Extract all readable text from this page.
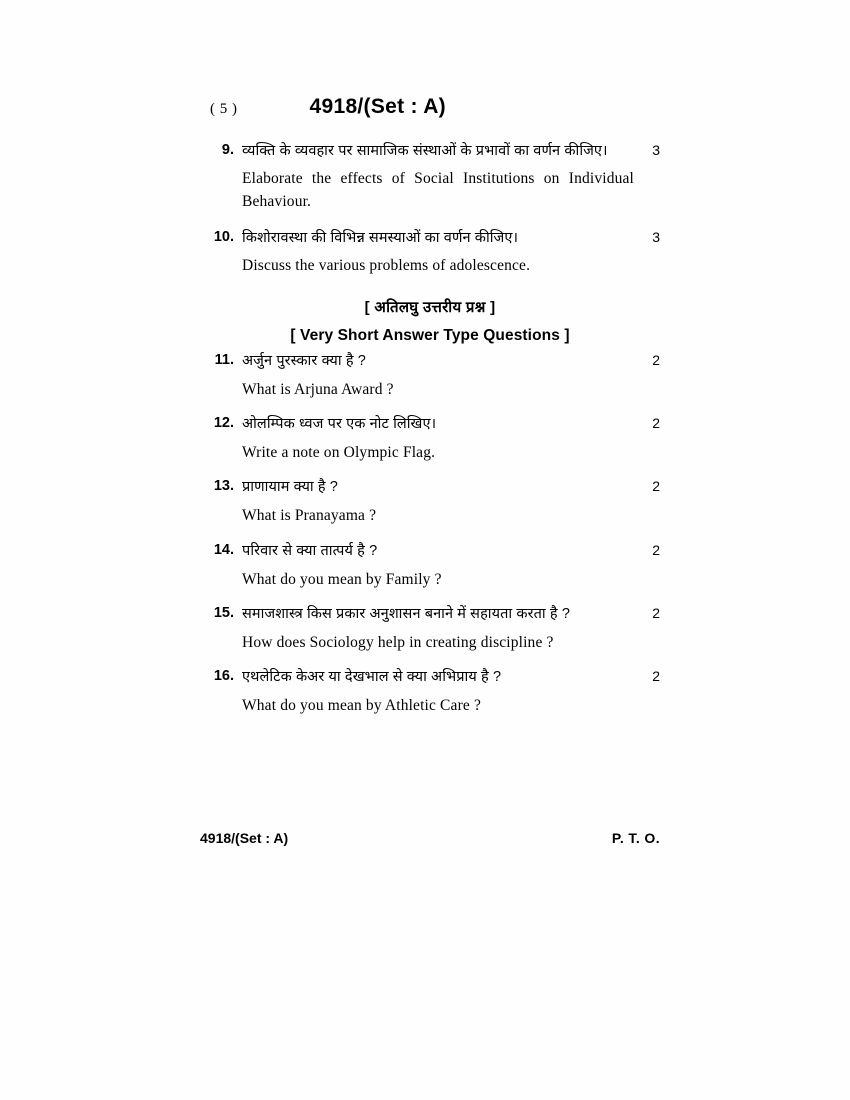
( 5 )	4918/(Set : A)
9. व्यक्ति के व्यवहार पर सामाजिक संस्थाओं के प्रभावों का वर्णन कीजिए।	3
Elaborate the effects of Social Institutions on Individual Behaviour.
10. किशोरावस्था की विभिन्न समस्याओं का वर्णन कीजिए।	3
Discuss the various problems of adolescence.
[ अतिलघु उत्तरीय प्रश्न ]
[ Very Short Answer Type Questions ]
11. अर्जुन पुरस्कार क्या है ?	2
What is Arjuna Award ?
12. ओलम्पिक ध्वज पर एक नोट लिखिए।	2
Write a note on Olympic Flag.
13. प्राणायाम क्या है ?	2
What is Pranayama ?
14. परिवार से क्या तात्पर्य है ?	2
What do you mean by Family ?
15. समाजशास्त्र किस प्रकार अनुशासन बनाने में सहायता करता है ?	2
How does Sociology help in creating discipline ?
16. एथलेटिक केअर या देखभाल से क्या अभिप्राय है ?	2
What do you mean by Athletic Care ?
4918/(Set : A)	P. T. O.
